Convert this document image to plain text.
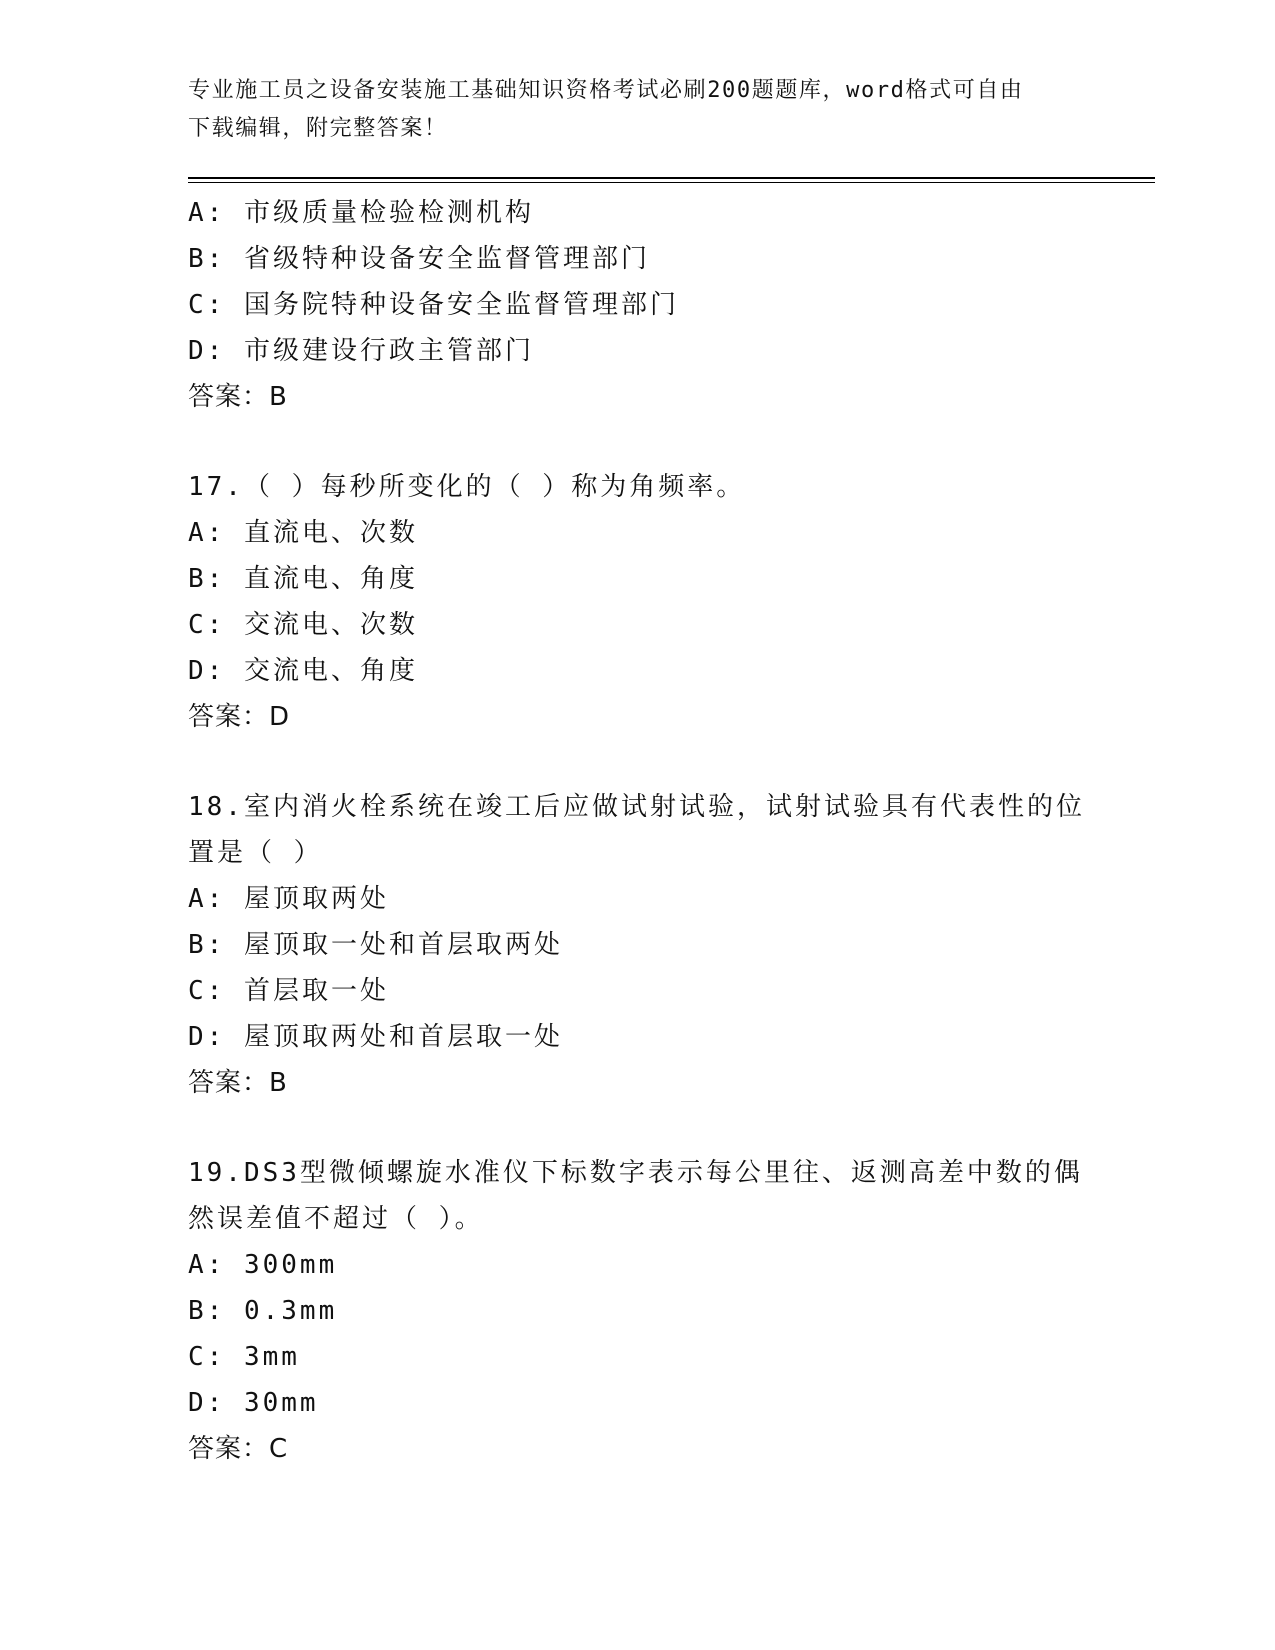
专业施工员之设备安装施工基础知识资格考试必刷200题题库，word格式可自由
下载编辑，附完整答案！
A: 市级质量检验检测机构
B: 省级特种设备安全监督管理部门
C: 国务院特种设备安全监督管理部门
D: 市级建设行政主管部门
答案：B
17.（ ）每秒所变化的（ ）称为角频率。
A: 直流电、次数
B: 直流电、角度
C: 交流电、次数
D: 交流电、角度
答案：D
18.室内消火栓系统在竣工后应做试射试验，试射试验具有代表性的位
置是（ ）
A: 屋顶取两处
B: 屋顶取一处和首层取两处
C: 首层取一处
D: 屋顶取两处和首层取一处
答案：B
19.DS3型微倾螺旋水准仪下标数字表示每公里往、返测高差中数的偶
然误差值不超过（ ）。
A: 300mm
B: 0.3mm
C: 3mm
D: 30mm
答案：C
